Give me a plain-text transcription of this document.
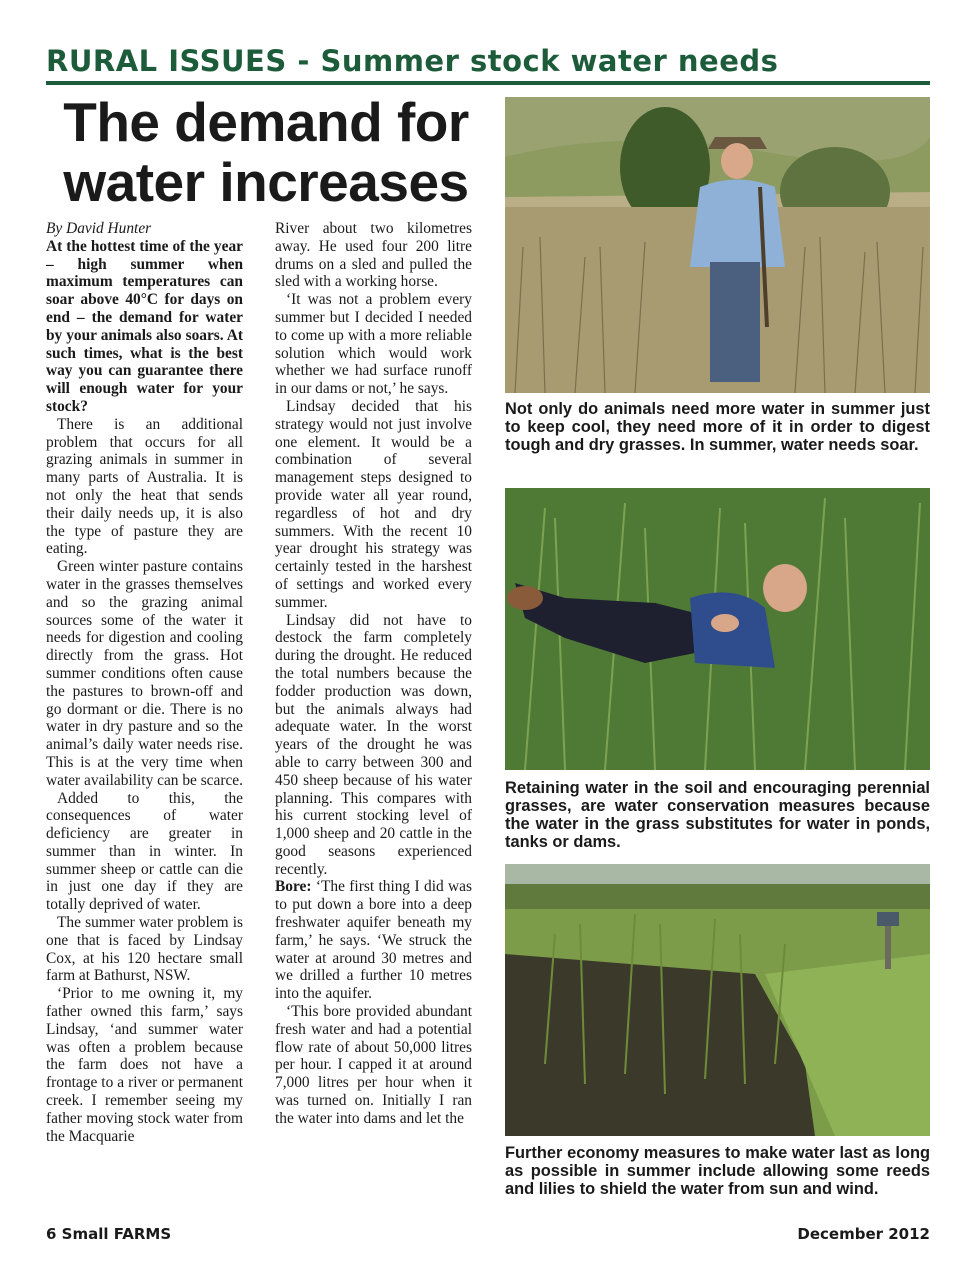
RURAL ISSUES - Summer stock water needs
The demand for
water increases

By David Hunter

At the hottest time of the year – high summer when maximum temperatures can soar above 40°C for days on end – the demand for water by your animals also soars. At such times, what is the best way you can guarantee there will enough water for your stock?

There is an additional problem that occurs for all grazing animals in summer in many parts of Australia. It is not only the heat that sends their daily needs up, it is also the type of pasture they are eating.

Green winter pasture contains water in the grasses themselves and so the grazing animal sources some of the water it needs for digestion and cooling directly from the grass. Hot summer conditions often cause the pastures to brown-off and go dormant or die. There is no water in dry pasture and so the animal’s daily water needs rise. This is at the very time when water availability can be scarce.

Added to this, the consequences of water deficiency are greater in summer than in winter. In summer sheep or cattle can die in just one day if they are totally deprived of water.

The summer water problem is one that is faced by Lindsay Cox, at his 120 hectare small farm at Bathurst, NSW.

‘Prior to me owning it, my father owned this farm,’ says Lindsay, ‘and summer water was often a problem because the farm does not have a frontage to a river or permanent creek. I remember seeing my father moving stock water from the Macquarie

River about two kilometres away. He used four 200 litre drums on a sled and pulled the sled with a working horse.

‘It was not a problem every summer but I decided I needed to come up with a more reliable solution which would work whether we had surface runoff in our dams or not,’ he says.

Lindsay decided that his strategy would not just involve one element. It would be a combination of several management steps designed to provide water all year round, regardless of hot and dry summers. With the recent 10 year drought his strategy was certainly tested in the harshest of settings and worked every summer.

Lindsay did not have to destock the farm completely during the drought. He reduced the total numbers because the fodder production was down, but the animals always had adequate water. In the worst years of the drought he was able to carry between 300 and 450 sheep because of his water planning. This compares with his current stocking level of 1,000 sheep and 20 cattle in the good seasons experienced recently.

Bore: ‘The first thing I did was to put down a bore into a deep freshwater aquifer beneath my farm,’ he says. ‘We struck the water at around 30 metres and we drilled a further 10 metres into the aquifer.

‘This bore provided abundant fresh water and had a potential flow rate of about 50,000 litres per hour. I capped it at around 7,000 litres per hour when it was turned on. Initially I ran the water into dams and let the

Not only do animals need more water in summer just to keep cool, they need more of it in order to digest tough and dry grasses. In summer, water needs soar.
Retaining water in the soil and encouraging perennial grasses, are water conservation measures because the water in the grass substitutes for water in ponds, tanks or dams.
Further economy measures to make water last as long as possible in summer include allowing some reeds and lilies to shield the water from sun and wind.
6 Small FARMS	December 2012
